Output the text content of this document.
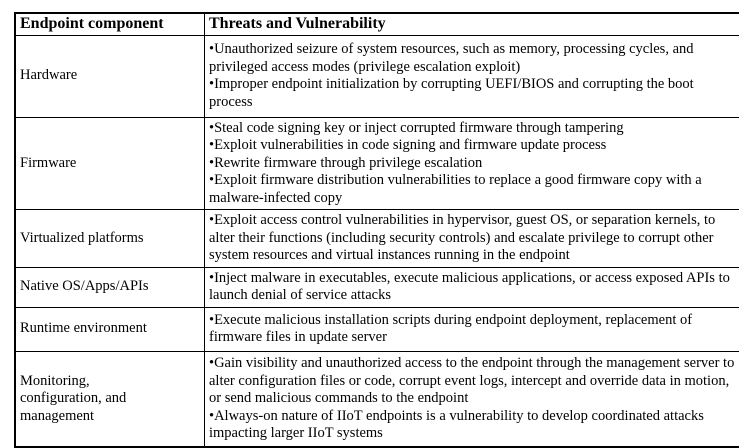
Endpoint component	Threats and Vulnerability
Hardware	• Unauthorized seizure of system resources, such as memory, processing cycles, and privileged access modes (privilege escalation exploit)
• Improper endpoint initialization by corrupting UEFI/BIOS and corrupting the boot process

Firmware	• Steal code signing key or inject corrupted firmware through tampering
• Exploit vulnerabilities in code signing and firmware update process
• Rewrite firmware through privilege escalation
• Exploit firmware distribution vulnerabilities to replace a good firmware copy with a malware-infected copy

Virtualized platforms	• Exploit access control vulnerabilities in hypervisor, guest OS, or separation kernels, to alter their functions (including security controls) and escalate privilege to corrupt other system resources and virtual instances running in the endpoint

Native OS/Apps/APIs	• Inject malware in executables, execute malicious applications, or access exposed APIs to launch denial of service attacks

Runtime environment	• Execute malicious installation scripts during endpoint deployment, replacement of firmware files in update server

Monitoring, configuration, and management	• Gain visibility and unauthorized access to the endpoint through the management server to alter configuration files or code, corrupt event logs, intercept and override data in motion, or send malicious commands to the endpoint
• Always-on nature of IIoT endpoints is a vulnerability to develop coordinated attacks impacting larger IIoT systems
